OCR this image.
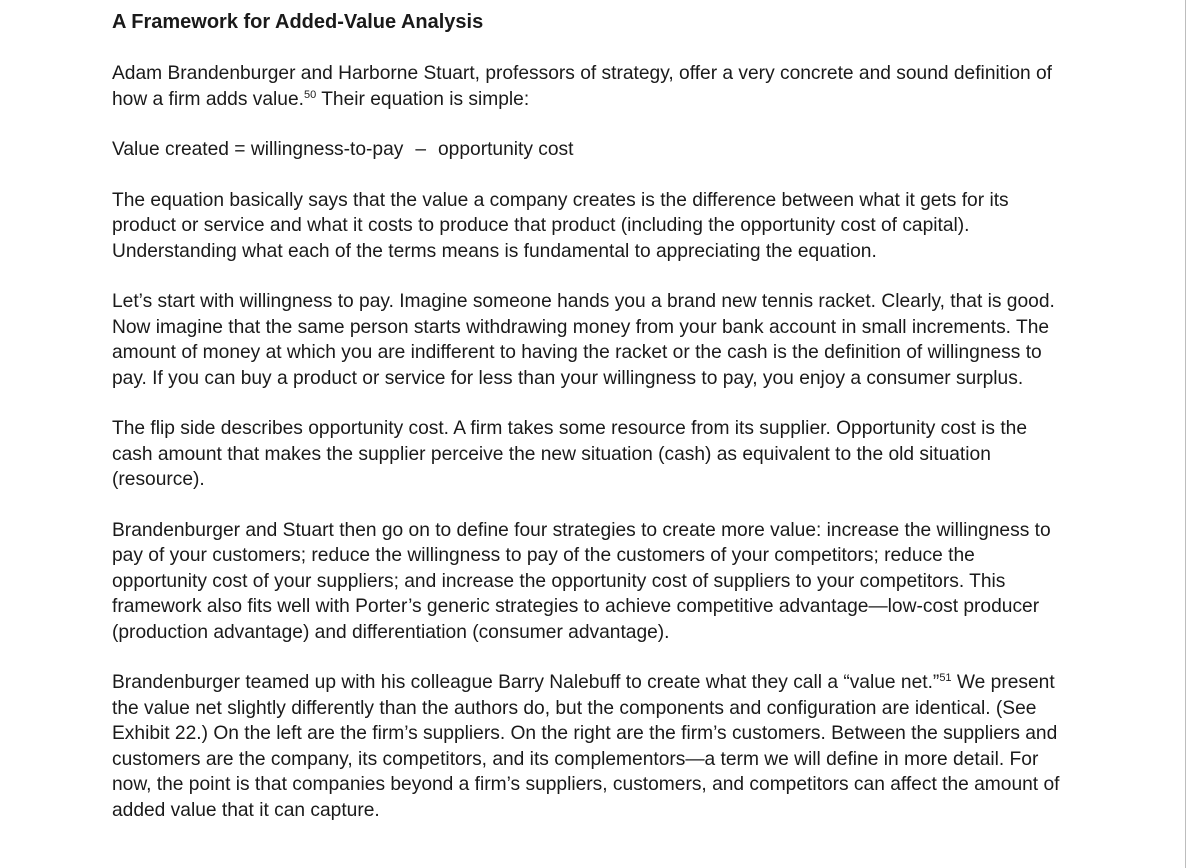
A Framework for Added-Value Analysis

Adam Brandenburger and Harborne Stuart, professors of strategy, offer a very concrete and sound definition of how a firm adds value.$^{50}$ Their equation is simple:

Value created = willingness-to-pay – opportunity cost

The equation basically says that the value a company creates is the difference between what it gets for its product or service and what it costs to produce that product (including the opportunity cost of capital). Understanding what each of the terms means is fundamental to appreciating the equation.

Let’s start with willingness to pay. Imagine someone hands you a brand new tennis racket. Clearly, that is good. Now imagine that the same person starts withdrawing money from your bank account in small increments. The amount of money at which you are indifferent to having the racket or the cash is the definition of willingness to pay. If you can buy a product or service for less than your willingness to pay, you enjoy a consumer surplus.

The flip side describes opportunity cost. A firm takes some resource from its supplier. Opportunity cost is the cash amount that makes the supplier perceive the new situation (cash) as equivalent to the old situation (resource).

Brandenburger and Stuart then go on to define four strategies to create more value: increase the willingness to pay of your customers; reduce the willingness to pay of the customers of your competitors; reduce the opportunity cost of your suppliers; and increase the opportunity cost of suppliers to your competitors. This framework also fits well with Porter’s generic strategies to achieve competitive advantage—low-cost producer (production advantage) and differentiation (consumer advantage).

Brandenburger teamed up with his colleague Barry Nalebuff to create what they call a “value net.”$^{51}$ We present the value net slightly differently than the authors do, but the components and configuration are identical. (See Exhibit 22.) On the left are the firm’s suppliers. On the right are the firm’s customers. Between the suppliers and customers are the company, its competitors, and its complementors—a term we will define in more detail. For now, the point is that companies beyond a firm’s suppliers, customers, and competitors can affect the amount of added value that it can capture.
